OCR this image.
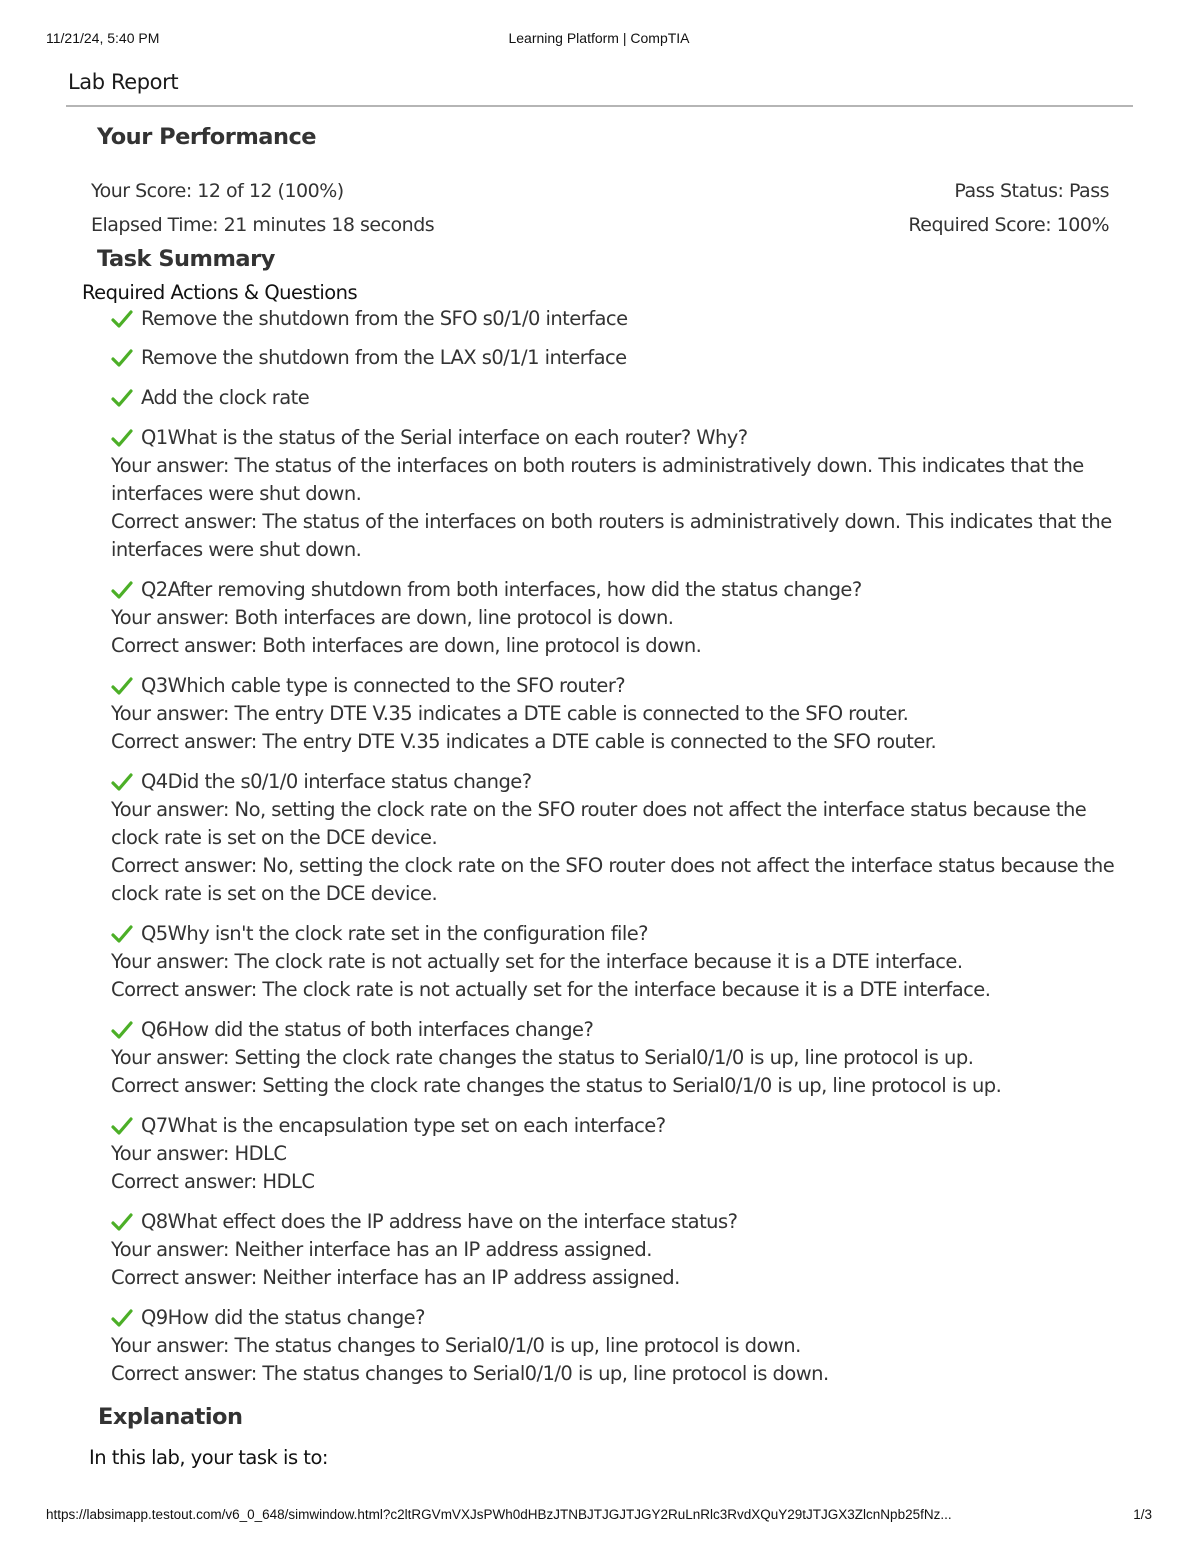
11/21/24, 5:40 PM	Learning Platform | CompTIA
Lab Report
Your Performance
Your Score: 12 of 12 (100%)
Elapsed Time: 21 minutes 18 seconds
Pass Status: Pass
Required Score: 100%
Task Summary
Required Actions & Questions
Remove the shutdown from the SFO s0/1/0 interface
Remove the shutdown from the LAX s0/1/1 interface
Add the clock rate
Q1What is the status of the Serial interface on each router? Why?

Your answer: The status of the interfaces on both routers is administratively down. This indicates that the interfaces were shut down.

Correct answer: The status of the interfaces on both routers is administratively down. This indicates that the interfaces were shut down.

Q2After removing shutdown from both interfaces, how did the status change?

Your answer: Both interfaces are down, line protocol is down.

Correct answer: Both interfaces are down, line protocol is down.

Q3Which cable type is connected to the SFO router?

Your answer: The entry DTE V.35 indicates a DTE cable is connected to the SFO router.

Correct answer: The entry DTE V.35 indicates a DTE cable is connected to the SFO router.

Q4Did the s0/1/0 interface status change?

Your answer: No, setting the clock rate on the SFO router does not affect the interface status because the clock rate is set on the DCE device.

Correct answer: No, setting the clock rate on the SFO router does not affect the interface status because the clock rate is set on the DCE device.

Q5Why isn't the clock rate set in the configuration file?

Your answer: The clock rate is not actually set for the interface because it is a DTE interface.

Correct answer: The clock rate is not actually set for the interface because it is a DTE interface.

Q6How did the status of both interfaces change?

Your answer: Setting the clock rate changes the status to Serial0/1/0 is up, line protocol is up.

Correct answer: Setting the clock rate changes the status to Serial0/1/0 is up, line protocol is up.

Q7What is the encapsulation type set on each interface?

Your answer: HDLC

Correct answer: HDLC

Q8What effect does the IP address have on the interface status?

Your answer: Neither interface has an IP address assigned.

Correct answer: Neither interface has an IP address assigned.

Q9How did the status change?

Your answer: The status changes to Serial0/1/0 is up, line protocol is down.

Correct answer: The status changes to Serial0/1/0 is up, line protocol is down.

Explanation
In this lab, your task is to:
https://labsimapp.testout.com/v6_0_648/simwindow.html?c2ltRGVmVXJsPWh0dHBzJTNBJTJGJTJGY2RuLnRlc3RvdXQuY29tJTJGX3ZlcnNpb25fNz...	1/3
